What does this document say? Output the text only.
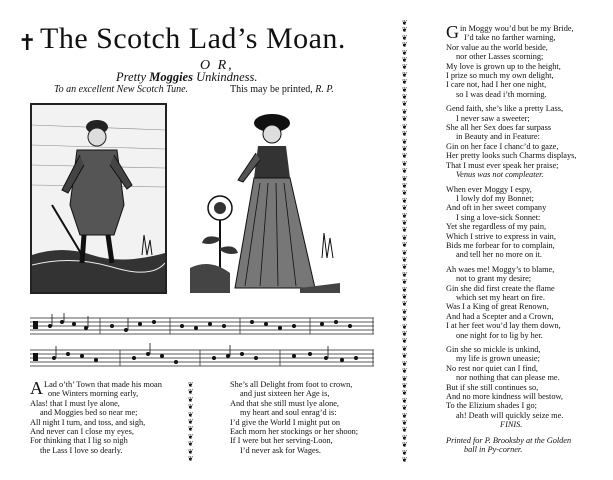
✝ The Scotch Lad’s Moan.
O R,
Pretty Moggies Unkindness.
To an excellent New Scotch Tune.	This may be printed, R. P.
❦
❦
❦
❦
❦
❦
❦
❦
❦
❦
❦
❦
❦
❦
❦
❦
❦
❦
❦
❦
❦
❦
❦
❦
❦
❦
❦
❦
❦
❦
❦
❦
❦
❦
❦
❦
❦
❦
❦
❦
❦
❦
❦
❦
❦
❦
❦
❦
❦
❦
❦
❦
❦
❦
❦
❦
❦
❦
❦
❦
❦
❦
❦
❦
❦
❦
❦
❦
❦
❦
❦
A Lad o’th’ Town that made his moan
one Winters morning early,
Alas! that I must lye alone,
and Moggies bed so near me;
All night I turn, and toss, and sigh,
And never can I close my eyes,
For thinking that I lig so nigh
the Lass I love so dearly.
She’s all Delight from foot to crown,
and just sixteen her Age is,
And that she still must lye alone,
my heart and soul enrag’d is:
I’d give the World I might put on
Each morn her stockings or her shoon;
If I were but her serving-Loon,
I’d never ask for Wages.
Gin Moggy wou’d but be my Bride,
I’d take no farther warning,
Nor value au the world beside,
nor other Lasses scorning;
My love is grown up to the height,
I prize so much my own delight,
I care not, had I her one night,
so I was dead i’th morning.
Gend faith, she’s like a pretty Lass,
I never saw a sweeter;
She all her Sex does far surpass
in Beauty and in Feature:
Gin on her face I chanc’d to gaze,
Her pretty looks such Charms displays,
That I must ever speak her praise;
Venus was not compleater.
When ever Moggy I espy,
I lowly dof my Bonnet;
And oft in her sweet company
I sing a love-sick Sonnet:
Yet she regardless of my pain,
Which I strive to express in vain,
Bids me forbear for to complain,
and tell her no more on it.
Ah waes me! Moggy’s to blame,
not to grant my desire;
Gin she did first create the flame
which set my heart on fire.
Was I a King of great Renown,
And had a Scepter and a Crown,
I at her feet wou’d lay them down,
one night for to lig by her.
Gin she so mickle is unkind,
my life is grown uneasie;
No rest nor quiet can I find,
nor nothing that can please me.
But if she still continues so,
And no more kindness will bestow,
To the Elizium shades I go;
ah! Death will quickly seize me.
FINIS.
Printed for P. Brooksby at the Golden
ball in Py-corner.
